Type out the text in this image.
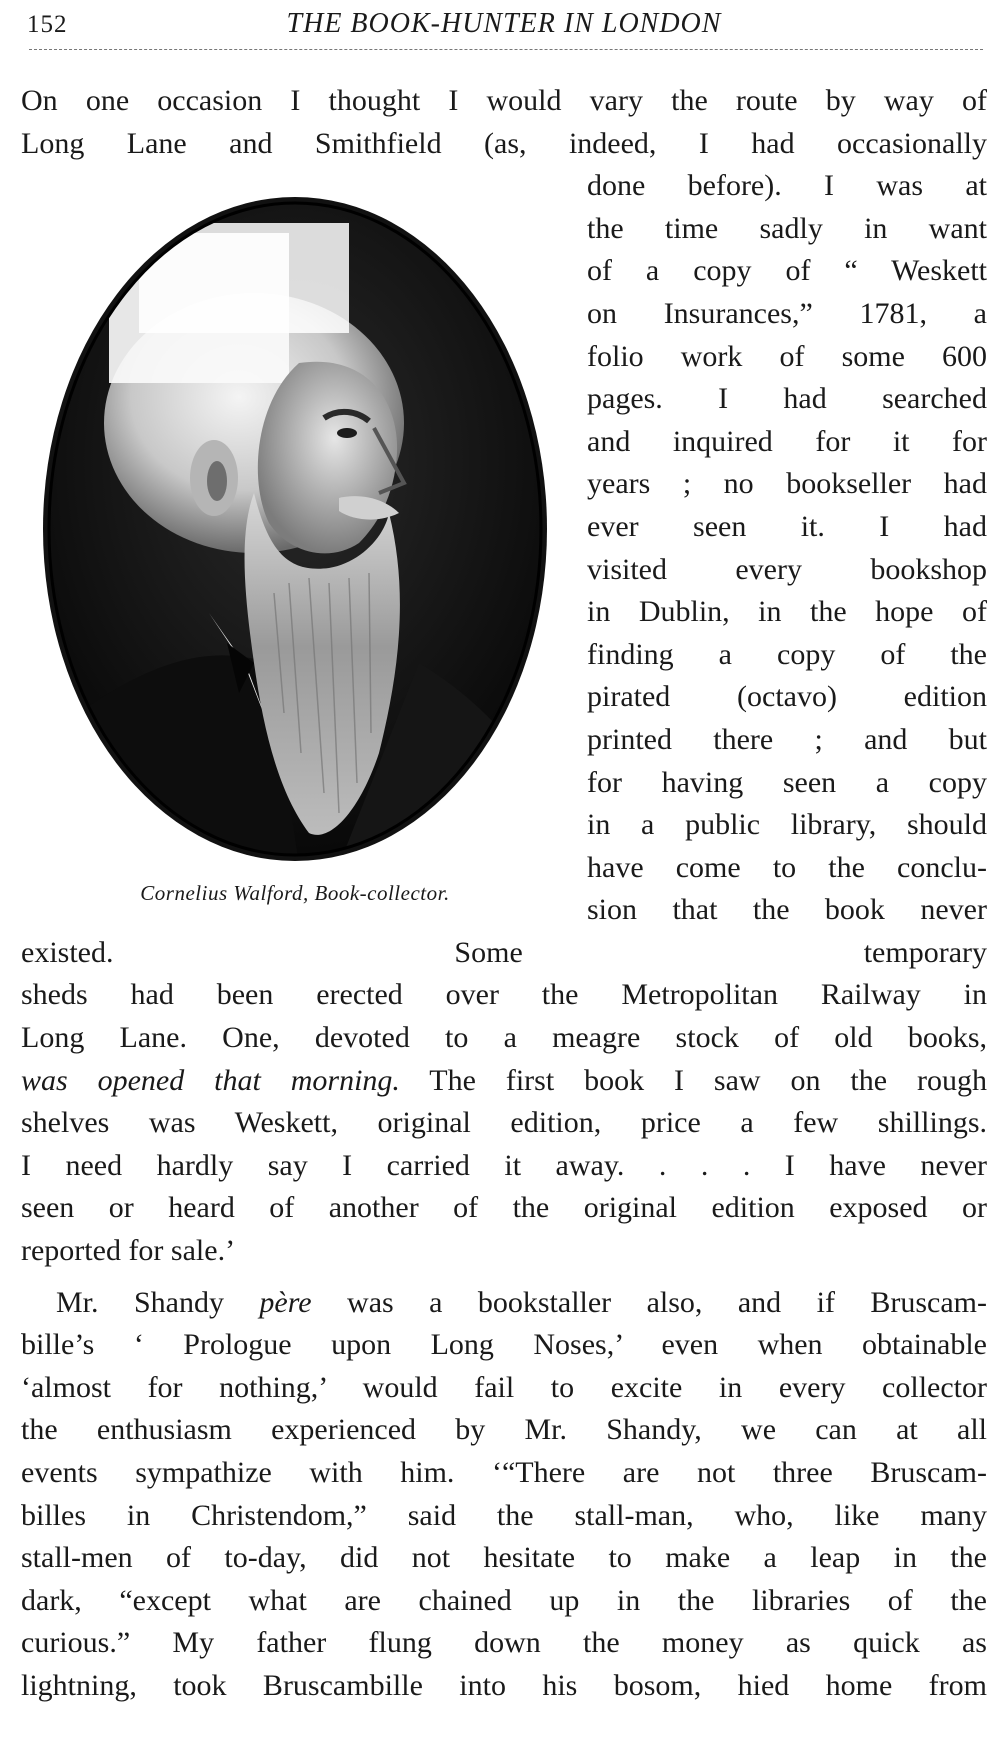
152	THE BOOK-HUNTER IN LONDON

On one occasion I thought I would vary the route by way of
Long Lane and Smithfield (as, indeed, I had occasionally
Cornelius Walford, Book-collector.
done before). I was at
the time sadly in want
of a copy of “ Weskett
on Insurances,” 1781, a
folio work of some 600
pages. I had searched
and inquired for it for
years ; no bookseller had
ever seen it. I had
visited every bookshop
in Dublin, in the hope of
finding a copy of the
pirated (octavo) edition
printed there ; and but
for having seen a copy
in a public library, should
have come to the conclu-
sion that the book never
existed. Some temporary
sheds had been erected over the Metropolitan Railway in
Long Lane. One, devoted to a meagre stock of old books,
was opened that morning. The first book I saw on the rough
shelves was Weskett, original edition, price a few shillings.
I need hardly say I carried it away. . . . I have never
seen or heard of another of the original edition exposed or
reported for sale.’

Mr. Shandy père was a bookstaller also, and if Bruscam-
bille’s ‘ Prologue upon Long Noses,’ even when obtainable
‘almost for nothing,’ would fail to excite in every collector
the enthusiasm experienced by Mr. Shandy, we can at all
events sympathize with him. ‘“There are not three Bruscam-
billes in Christendom,” said the stall-man, who, like many
stall-men of to-day, did not hesitate to make a leap in the
dark, “except what are chained up in the libraries of the
curious.” My father flung down the money as quick as
lightning, took Bruscambille into his bosom, hied home from
